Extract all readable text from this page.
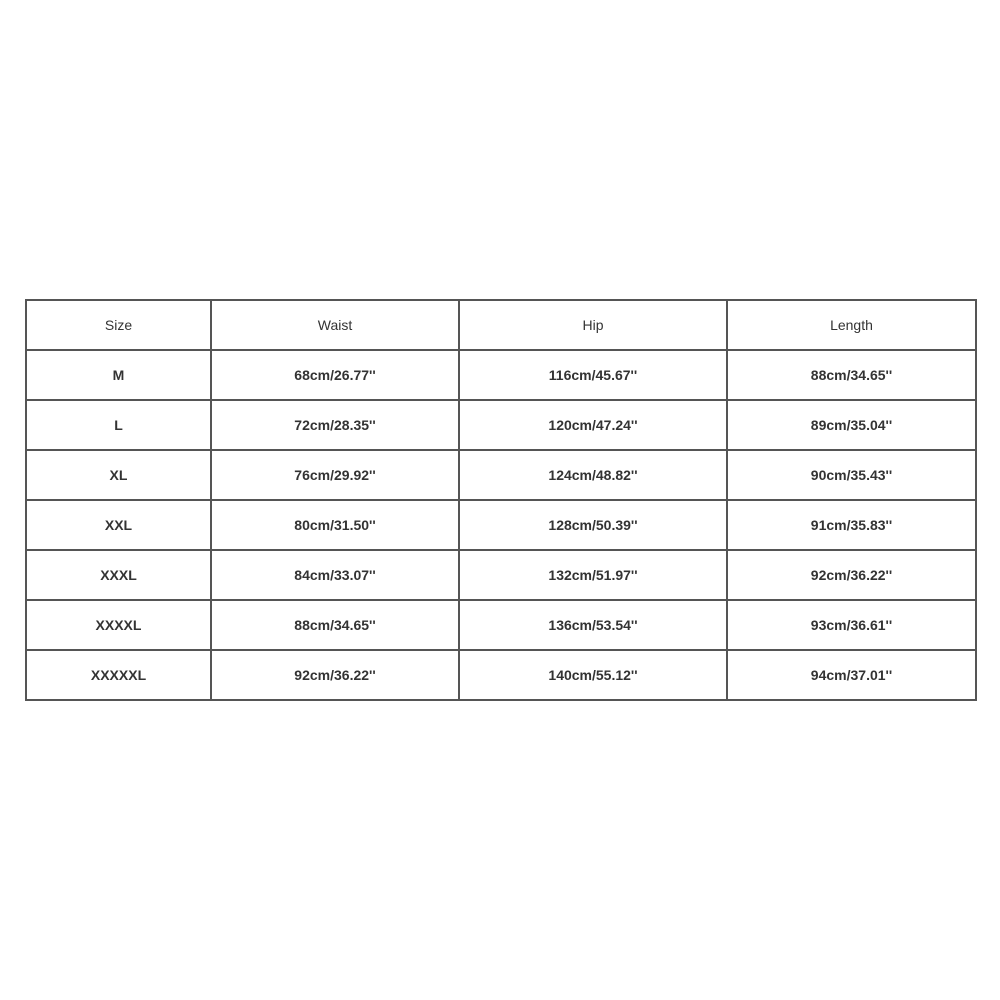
Size	Waist	Hip	Length
M	68cm/26.77''	116cm/45.67''	88cm/34.65''
L	72cm/28.35''	120cm/47.24''	89cm/35.04''
XL	76cm/29.92''	124cm/48.82''	90cm/35.43''
XXL	80cm/31.50''	128cm/50.39''	91cm/35.83''
XXXL	84cm/33.07''	132cm/51.97''	92cm/36.22''
XXXXL	88cm/34.65''	136cm/53.54''	93cm/36.61''
XXXXXL	92cm/36.22''	140cm/55.12''	94cm/37.01''
